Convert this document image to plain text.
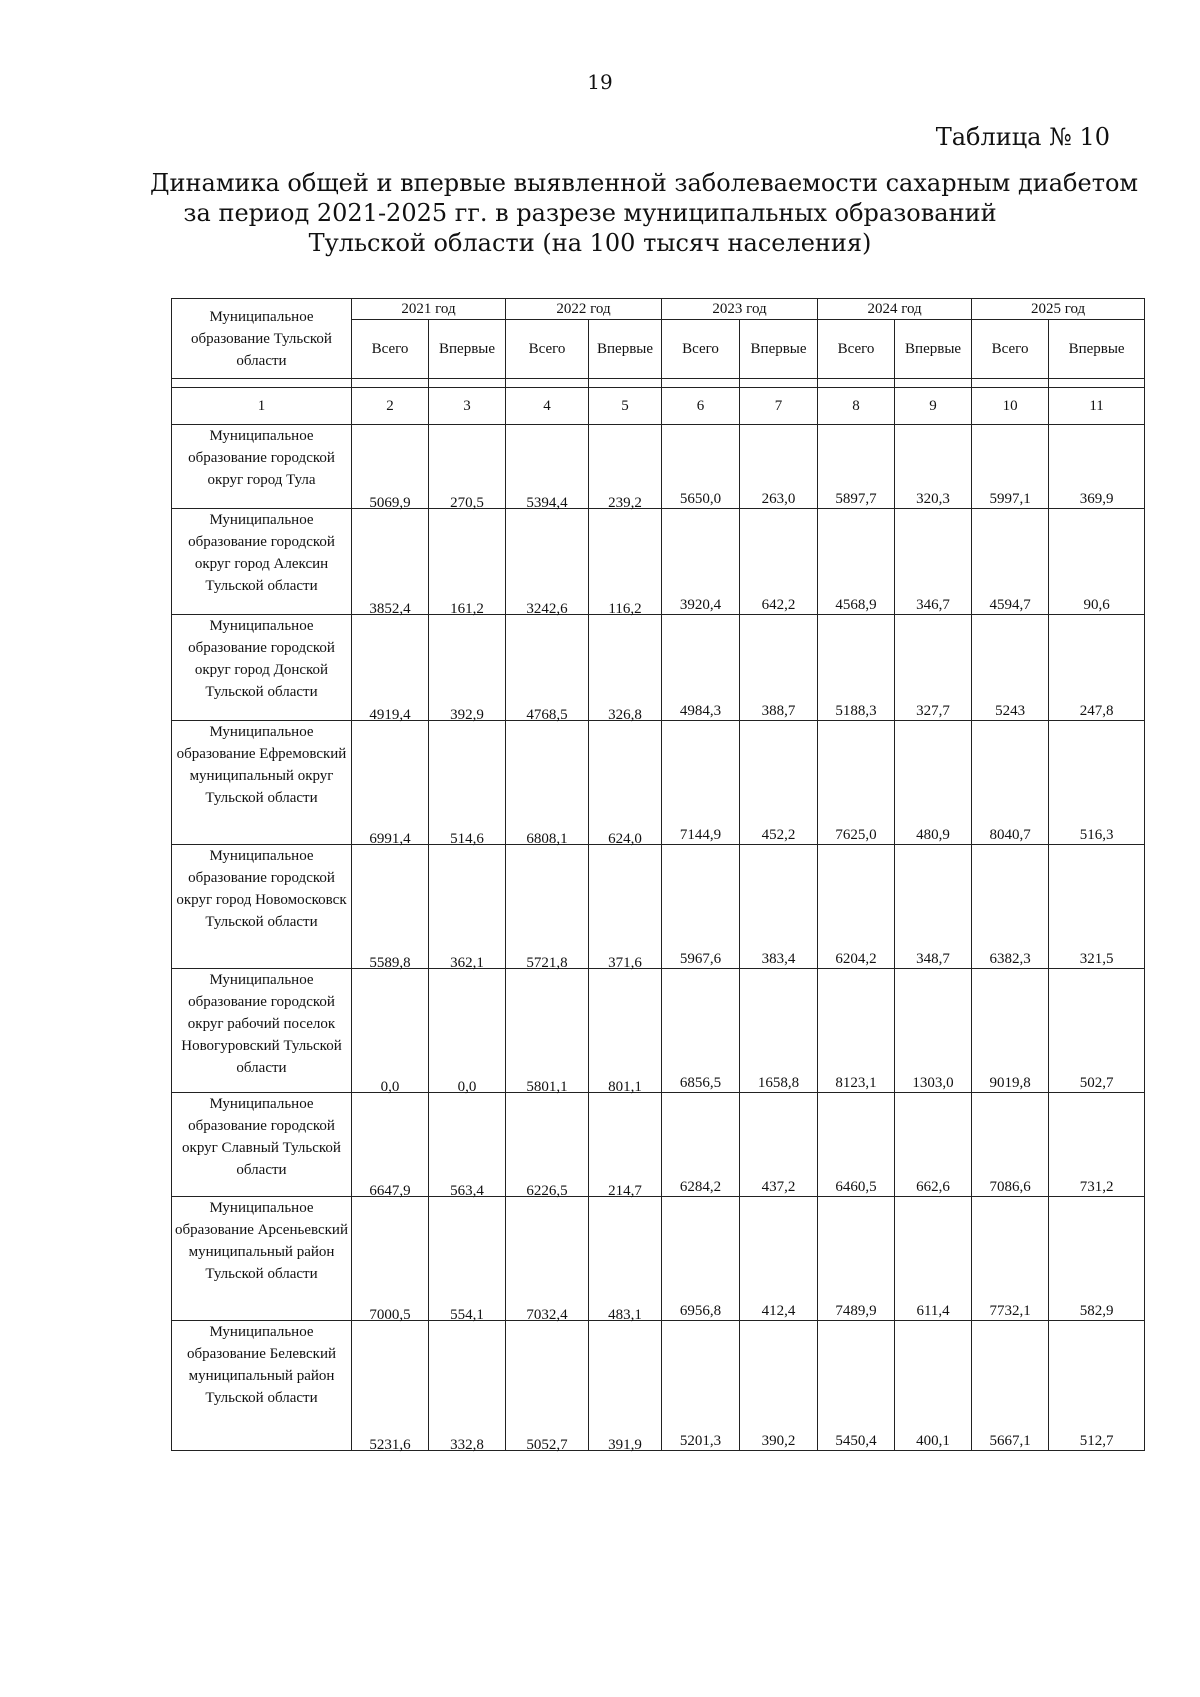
19
Таблица № 10
Динамика общей и впервые выявленной заболеваемости сахарным диабетом
за период 2021-2025 гг. в разрезе муниципальных образований
Тульской области (на 100 тысяч населения)
Муниципальное образование Тульской области	2021 год		2022 год		2023 год		2024 год		2025 год	
	Всего	Впервые	Всего	Впервые	Всего	Впервые	Всего	Впервые	Всего	Впервые

1	2	3	4	5	6	7	8	9	10	11
Муниципальное образование городской округ город Тула	5069,9	270,5	5394,4	239,2	5650,0	263,0	5897,7	320,3	5997,1	369,9
Муниципальное образование городской округ город Алексин Тульской области	3852,4	161,2	3242,6	116,2	3920,4	642,2	4568,9	346,7	4594,7	90,6
Муниципальное образование городской округ город Донской Тульской области	4919,4	392,9	4768,5	326,8	4984,3	388,7	5188,3	327,7	5243	247,8
Муниципальное образование Ефремовский муниципальный округ Тульской области	6991,4	514,6	6808,1	624,0	7144,9	452,2	7625,0	480,9	8040,7	516,3
Муниципальное образование городской округ город Новомосковск Тульской области	5589,8	362,1	5721,8	371,6	5967,6	383,4	6204,2	348,7	6382,3	321,5
Муниципальное образование городской округ рабочий поселок Новогуровский Тульской области	0,0	0,0	5801,1	801,1	6856,5	1658,8	8123,1	1303,0	9019,8	502,7
Муниципальное образование городской округ Славный Тульской области	6647,9	563,4	6226,5	214,7	6284,2	437,2	6460,5	662,6	7086,6	731,2
Муниципальное образование Арсеньевский муниципальный район Тульской области	7000,5	554,1	7032,4	483,1	6956,8	412,4	7489,9	611,4	7732,1	582,9
Муниципальное образование Белевский муниципальный район Тульской области	5231,6	332,8	5052,7	391,9	5201,3	390,2	5450,4	400,1	5667,1	512,7
